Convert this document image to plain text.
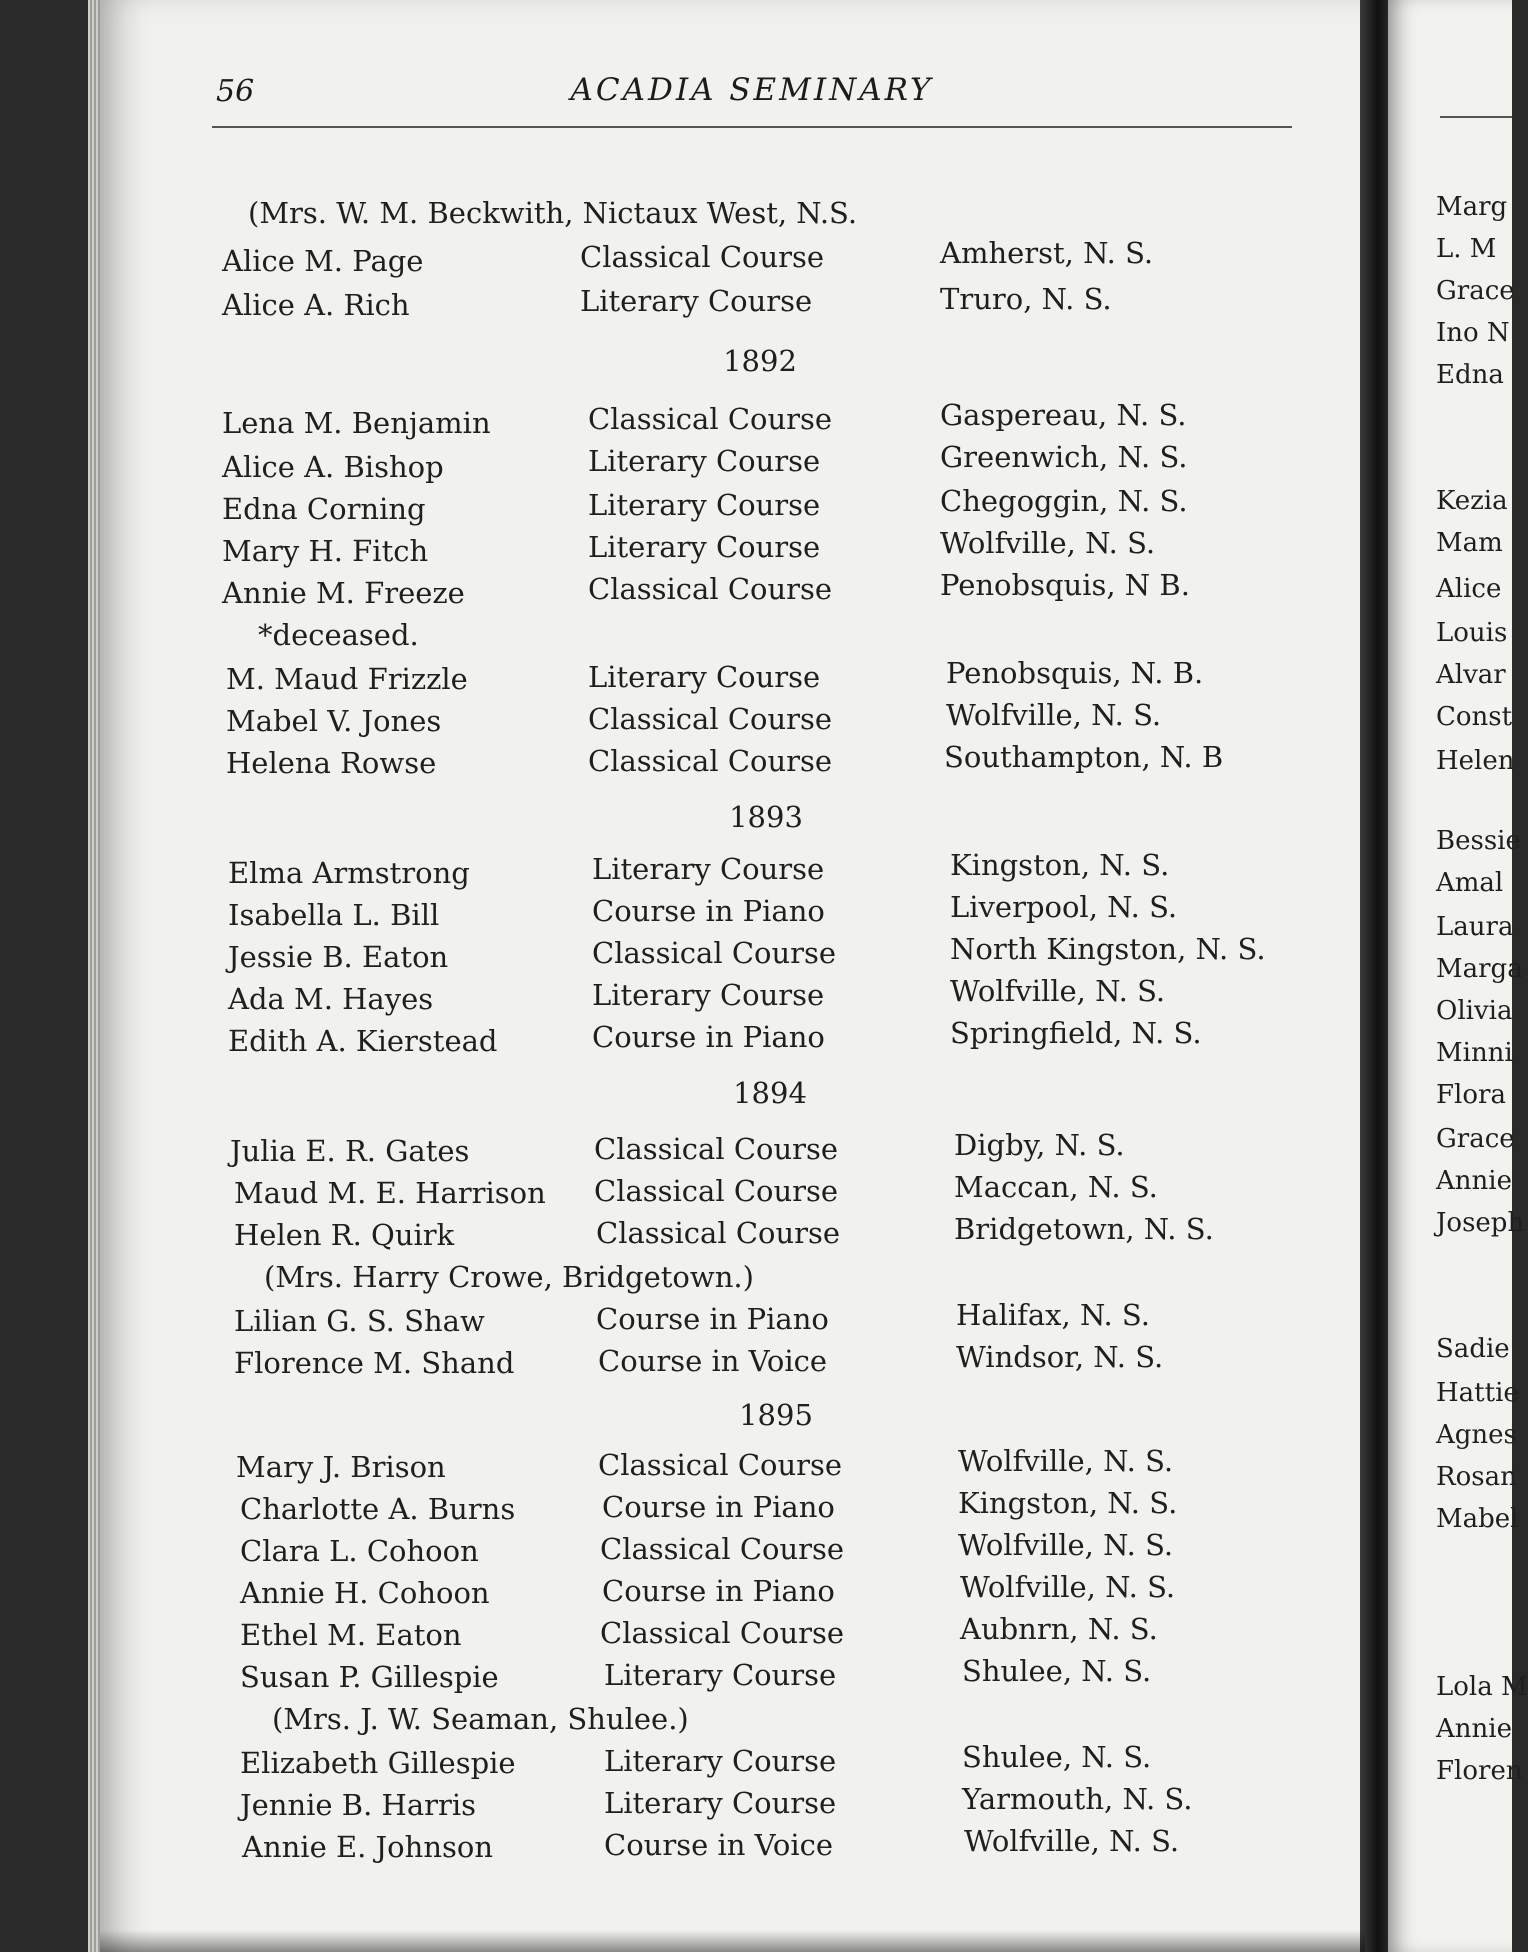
56	ACADIA SEMINARY
(Mrs. W. M. Beckwith, Nictaux West, N.S.
Alice M. Page	Classical Course	Amherst, N. S.
Alice A. Rich	Literary Course	Truro, N. S.
1892
Lena M. Benjamin	Classical Course	Gaspereau, N. S.
Alice A. Bishop	Literary Course	Greenwich, N. S.
Edna Corning	Literary Course	Chegoggin, N. S.
Mary H. Fitch	Literary Course	Wolfville, N. S.
Annie M. Freeze	Classical Course	Penobsquis, N B.
*deceased.
M. Maud Frizzle	Literary Course	Penobsquis, N. B.
Mabel V. Jones	Classical Course	Wolfville, N. S.
Helena Rowse	Classical Course	Southampton, N. B
1893
Elma Armstrong	Literary Course	Kingston, N. S.
Isabella L. Bill	Course in Piano	Liverpool, N. S.
Jessie B. Eaton	Classical Course	North Kingston, N. S.
Ada M. Hayes	Literary Course	Wolfville, N. S.
Edith A. Kierstead	Course in Piano	Springfield, N. S.
1894
Julia E. R. Gates	Classical Course	Digby, N. S.
Maud M. E. Harrison Classical Course	Maccan, N. S.
Helen R. Quirk	Classical Course	Bridgetown, N. S.
(Mrs. Harry Crowe, Bridgetown.)
Lilian G. S. Shaw	Course in Piano	Halifax, N. S.
Florence M. Shand	Course in Voice	Windsor, N. S.
1895
Mary J. Brison	Classical Course	Wolfville, N. S.
Charlotte A. Burns	Course in Piano	Kingston, N. S.
Clara L. Cohoon	Classical Course	Wolfville, N. S.
Annie H. Cohoon	Course in Piano	Wolfville, N. S.
Ethel M. Eaton	Classical Course	Aubnrn, N. S.
Susan P. Gillespie	Literary Course	Shulee, N. S.
(Mrs. J. W. Seaman, Shulee.)
Elizabeth Gillespie	Literary Course	Shulee, N. S.
Jennie B. Harris	Literary Course	Yarmouth, N. S.
Annie E. Johnson	Course in Voice	Wolfville, N. S.
Marg
L. M
Grace
Ino N
Edna
Kezia
Mam
Alice
Louis
Alvar
Const
Helen
Bessie
Amal
Laura
Marga
Olivia
Minni
Flora
Grace
Annie
Joseph
Sadie
Hattie
Agnes
Rosan
Mabel
Lola M
Annie
Floren
